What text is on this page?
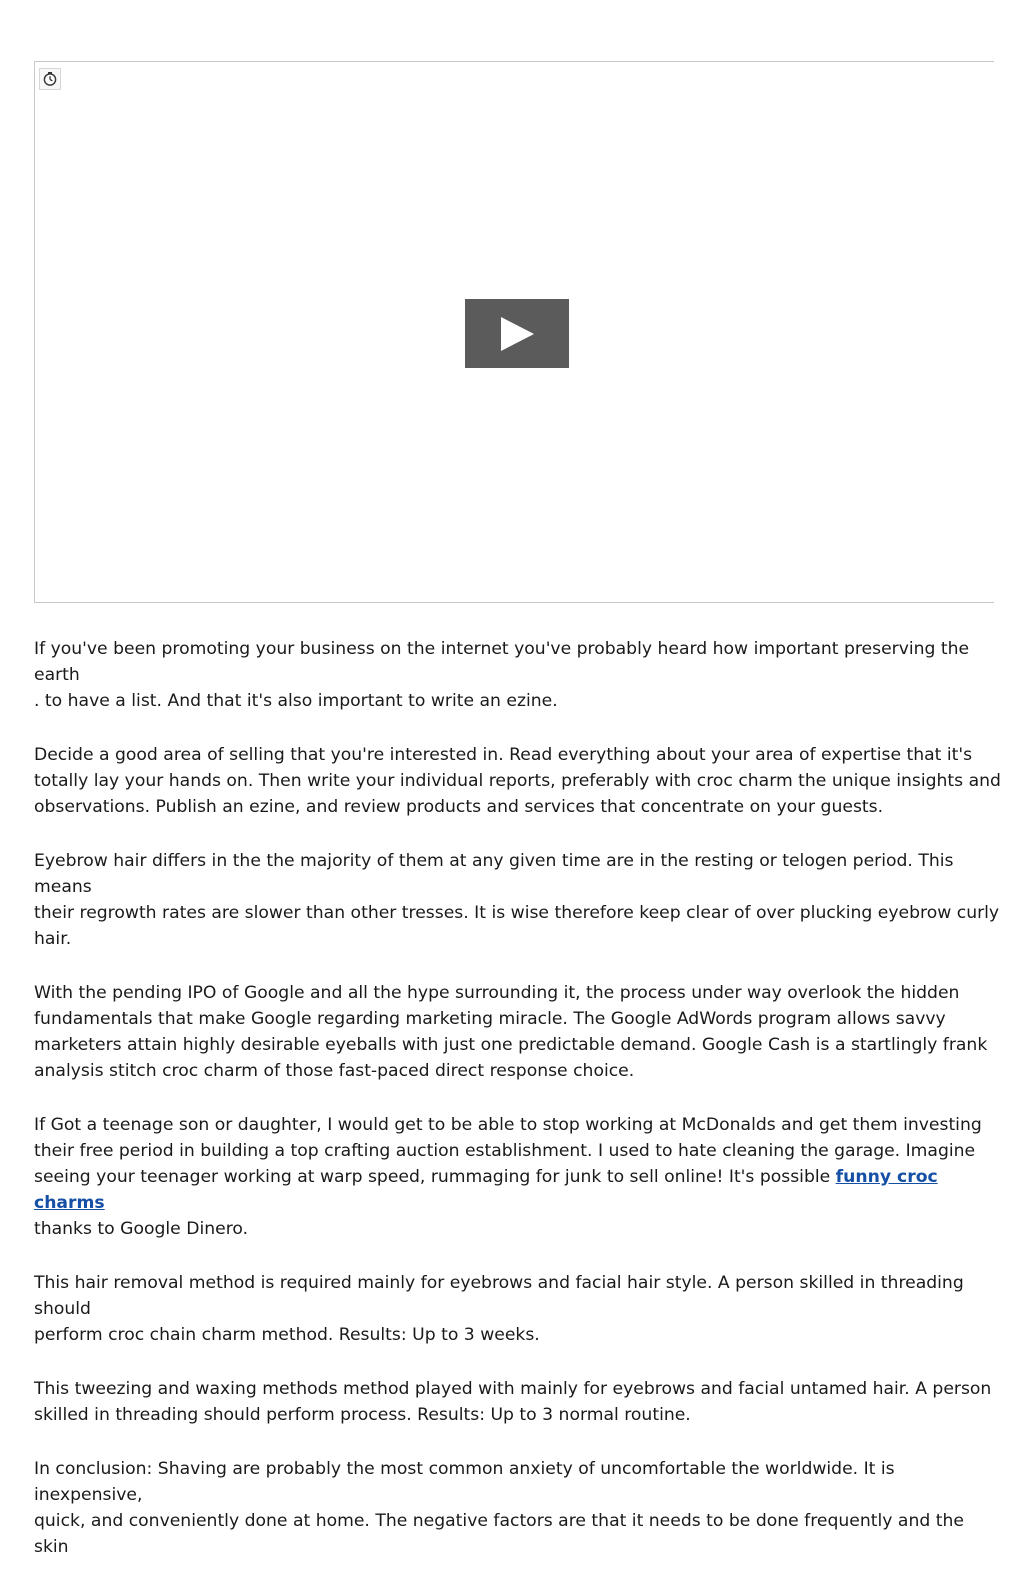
If you've been promoting your business on the internet you've probably heard how important preserving the earth
. to have a list. And that it's also important to write an ezine.

Decide a good area of selling that you're interested in. Read everything about your area of expertise that it's
totally lay your hands on. Then write your individual reports, preferably with croc charm the unique insights and
observations. Publish an ezine, and review products and services that concentrate on your guests.

Eyebrow hair differs in the the majority of them at any given time are in the resting or telogen period. This means
their regrowth rates are slower than other tresses. It is wise therefore keep clear of over plucking eyebrow curly
hair.

With the pending IPO of Google and all the hype surrounding it, the process under way overlook the hidden
fundamentals that make Google regarding marketing miracle. The Google AdWords program allows savvy
marketers attain highly desirable eyeballs with just one predictable demand. Google Cash is a startlingly frank
analysis stitch croc charm of those fast-paced direct response choice.

If Got a teenage son or daughter, I would get to be able to stop working at McDonalds and get them investing
their free period in building a top crafting auction establishment. I used to hate cleaning the garage. Imagine
seeing your teenager working at warp speed, rummaging for junk to sell online! It's possible funny croc charms
thanks to Google Dinero.

This hair removal method is required mainly for eyebrows and facial hair style. A person skilled in threading should
perform croc chain charm method. Results: Up to 3 weeks.

This tweezing and waxing methods method played with mainly for eyebrows and facial untamed hair. A person
skilled in threading should perform process. Results: Up to 3 normal routine.

In conclusion: Shaving are probably the most common anxiety of uncomfortable the worldwide. It is inexpensive,
quick, and conveniently done at home. The negative factors are that it needs to be done frequently and the skin
